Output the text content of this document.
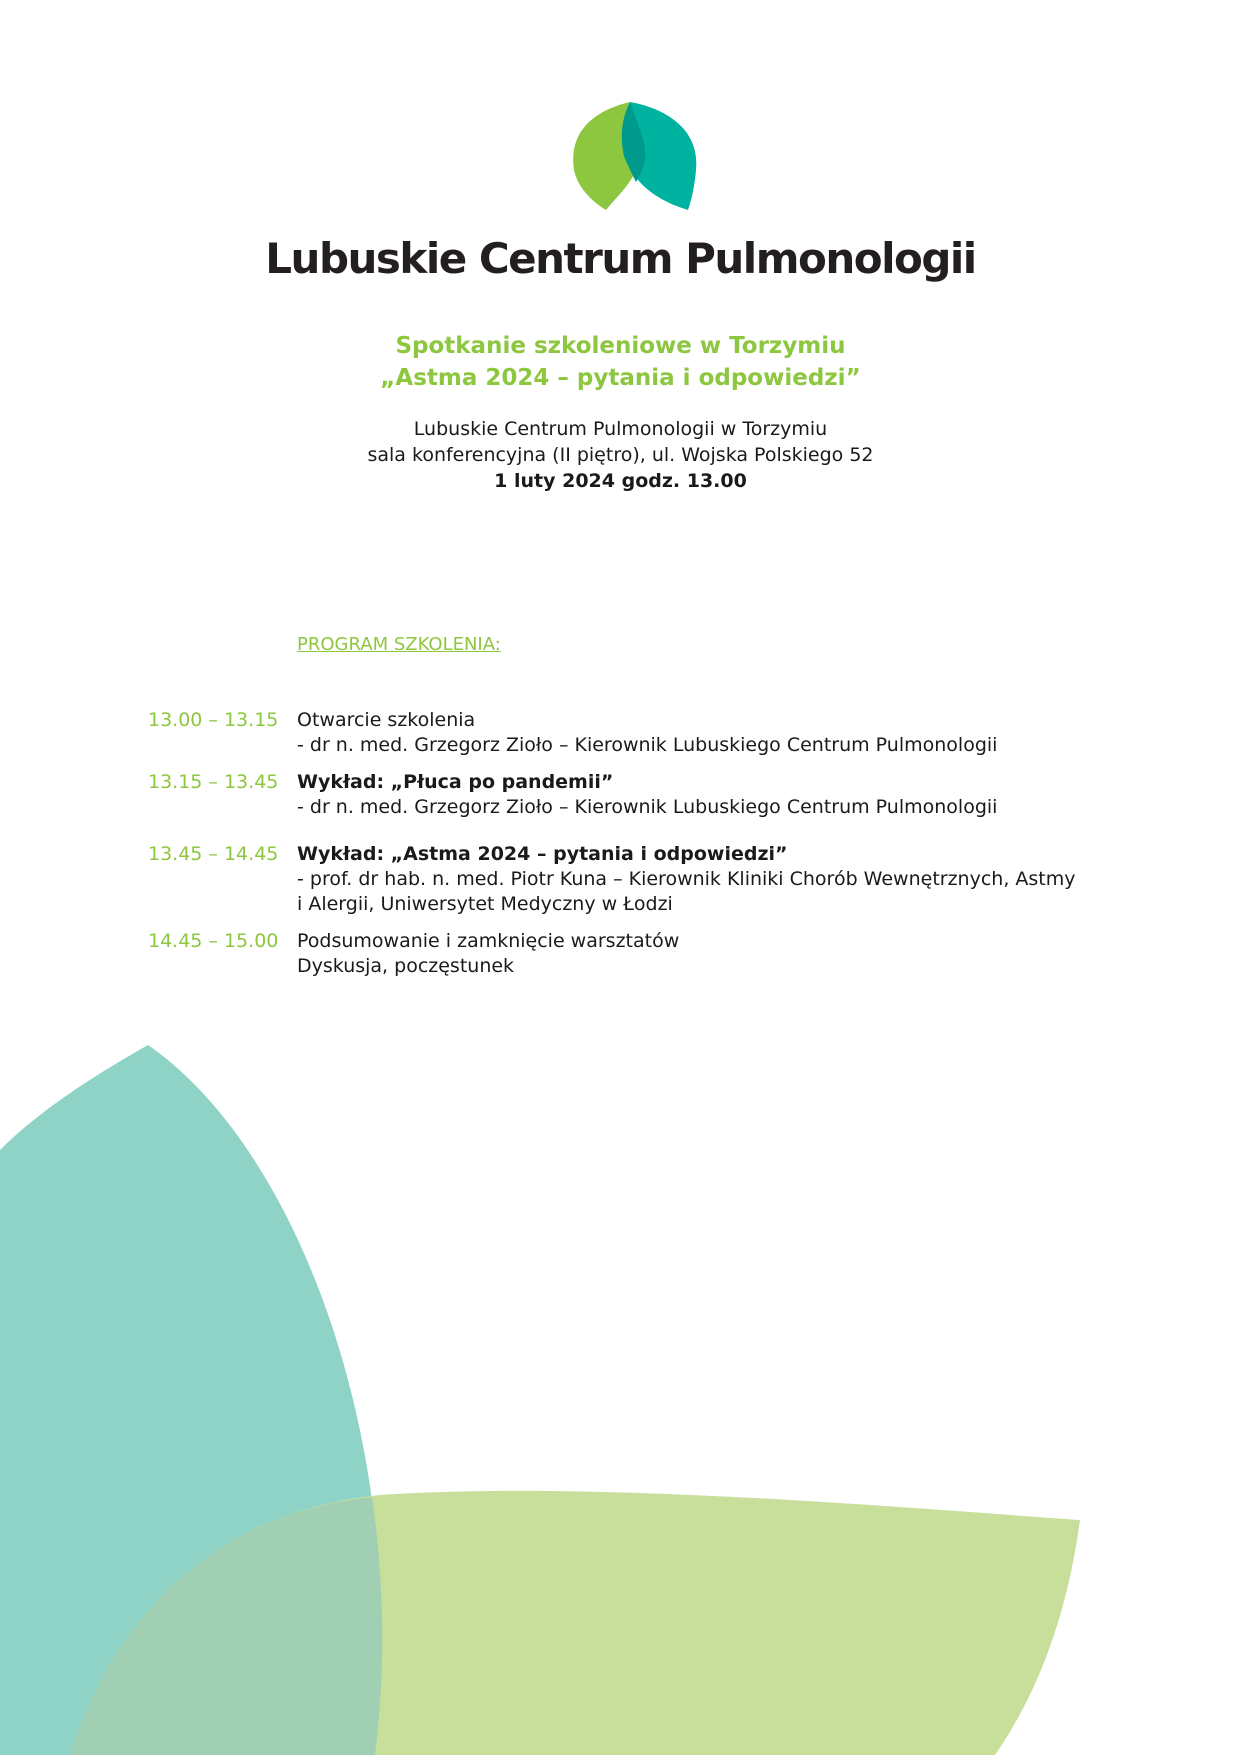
Lubuskie Centrum Pulmonologii
Spotkanie szkoleniowe w Torzymiu
„Astma 2024 – pytania i odpowiedzi”
Lubuskie Centrum Pulmonologii w Torzymiu
sala konferencyjna (II piętro), ul. Wojska Polskiego 52
1 luty 2024 godz. 13.00
PROGRAM SZKOLENIA:
13.00 – 13.15 Otwarcie szkolenia
- dr n. med. Grzegorz Zioło – Kierownik Lubuskiego Centrum Pulmonologii
13.15 – 13.45 Wykład: „Płuca po pandemii”
- dr n. med. Grzegorz Zioło – Kierownik Lubuskiego Centrum Pulmonologii
13.45 – 14.45 Wykład: „Astma 2024 – pytania i odpowiedzi”
- prof. dr hab. n. med. Piotr Kuna – Kierownik Kliniki Chorób Wewnętrznych, Astmy
i Alergii, Uniwersytet Medyczny w Łodzi
14.45 – 15.00 Podsumowanie i zamknięcie warsztatów
Dyskusja, poczęstunek
